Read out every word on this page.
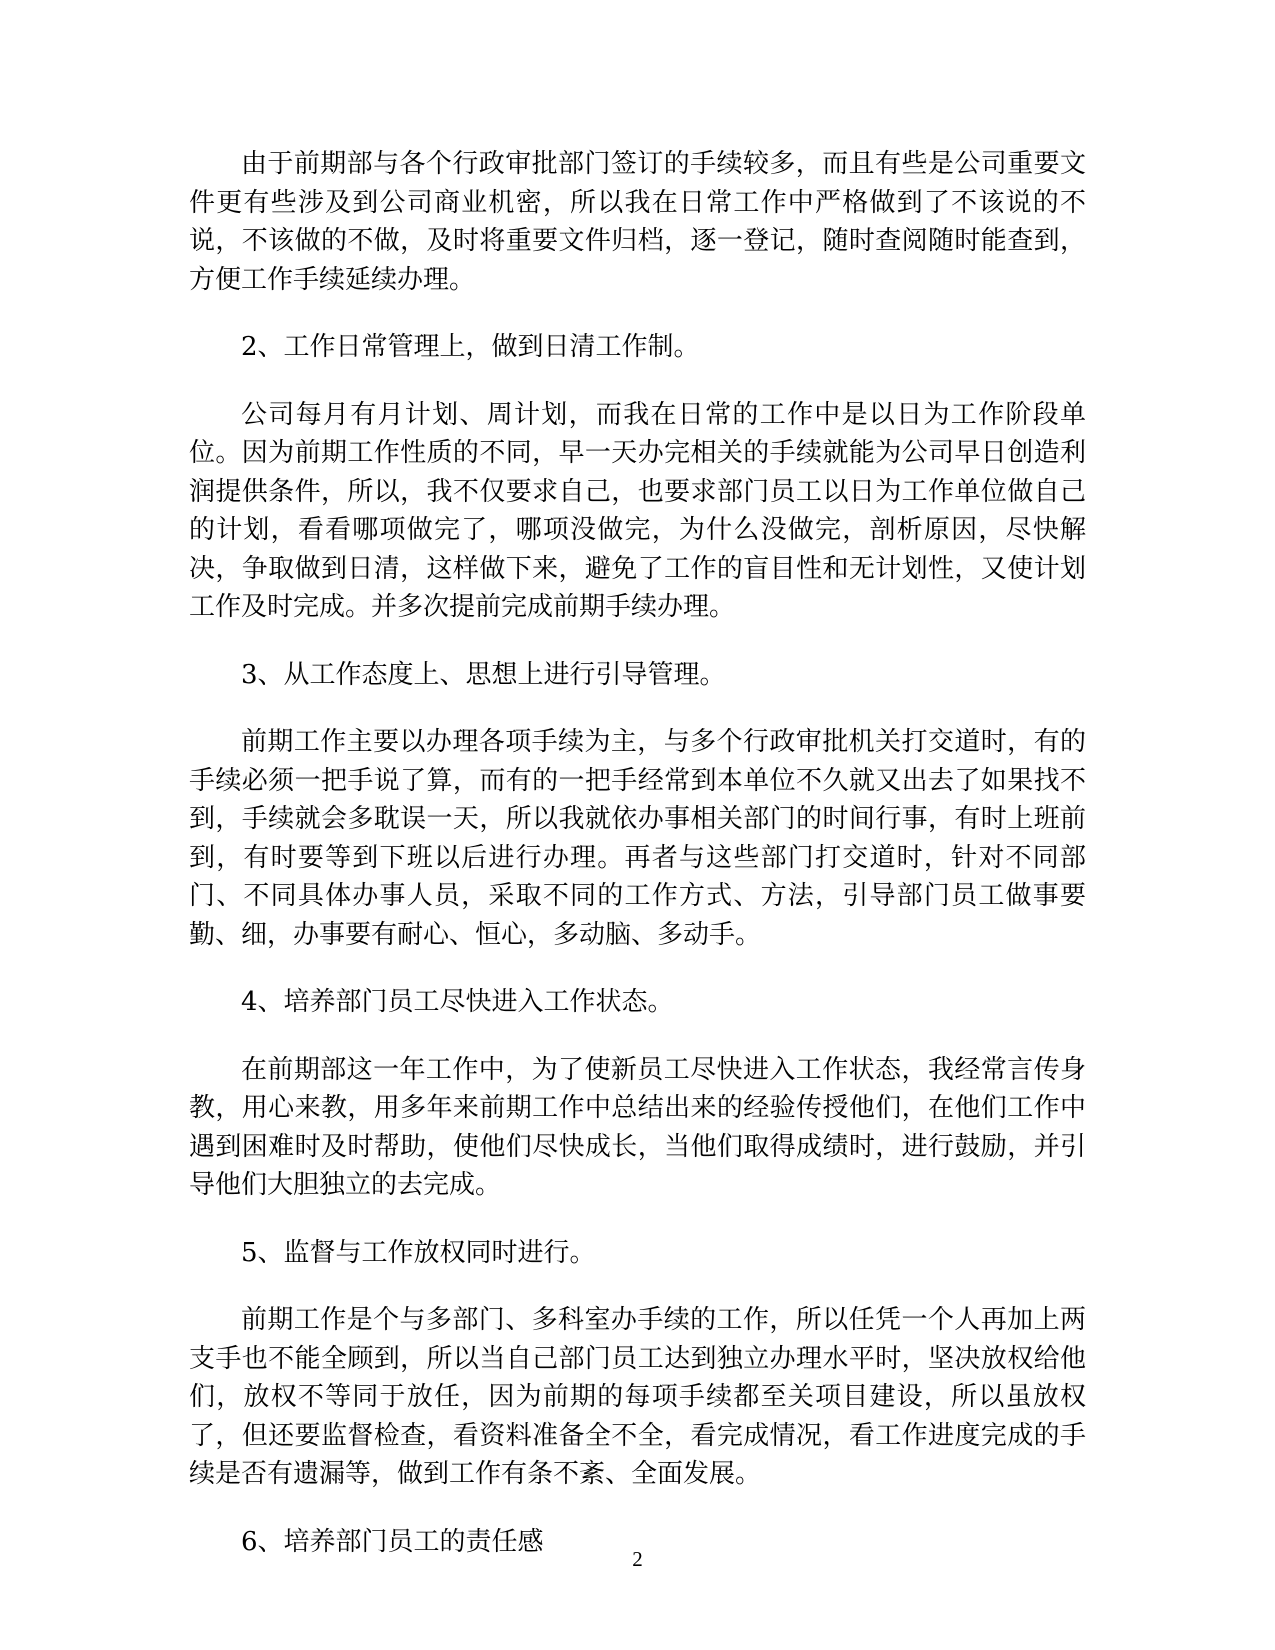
由于前期部与各个行政审批部门签订的手续较多，而且有些是公司重要文件更有些涉及到公司商业机密，所以我在日常工作中严格做到了不该说的不说，不该做的不做，及时将重要文件归档，逐一登记，随时查阅随时能查到，方便工作手续延续办理。

2、工作日常管理上，做到日清工作制。

公司每月有月计划、周计划，而我在日常的工作中是以日为工作阶段单位。因为前期工作性质的不同，早一天办完相关的手续就能为公司早日创造利润提供条件，所以，我不仅要求自己，也要求部门员工以日为工作单位做自己的计划，看看哪项做完了，哪项没做完，为什么没做完，剖析原因，尽快解决，争取做到日清，这样做下来，避免了工作的盲目性和无计划性，又使计划工作及时完成。并多次提前完成前期手续办理。

3、从工作态度上、思想上进行引导管理。

前期工作主要以办理各项手续为主，与多个行政审批机关打交道时，有的手续必须一把手说了算，而有的一把手经常到本单位不久就又出去了如果找不到，手续就会多耽误一天，所以我就依办事相关部门的时间行事，有时上班前到，有时要等到下班以后进行办理。再者与这些部门打交道时，针对不同部门、不同具体办事人员，采取不同的工作方式、方法，引导部门员工做事要勤、细，办事要有耐心、恒心，多动脑、多动手。

4、培养部门员工尽快进入工作状态。

在前期部这一年工作中，为了使新员工尽快进入工作状态，我经常言传身教，用心来教，用多年来前期工作中总结出来的经验传授他们，在他们工作中遇到困难时及时帮助，使他们尽快成长，当他们取得成绩时，进行鼓励，并引导他们大胆独立的去完成。

5、监督与工作放权同时进行。

前期工作是个与多部门、多科室办手续的工作，所以任凭一个人再加上两支手也不能全顾到，所以当自己部门员工达到独立办理水平时，坚决放权给他们，放权不等同于放任，因为前期的每项手续都至关项目建设，所以虽放权了，但还要监督检查，看资料准备全不全，看完成情况，看工作进度完成的手续是否有遗漏等，做到工作有条不紊、全面发展。

6、培养部门员工的责任感

2
